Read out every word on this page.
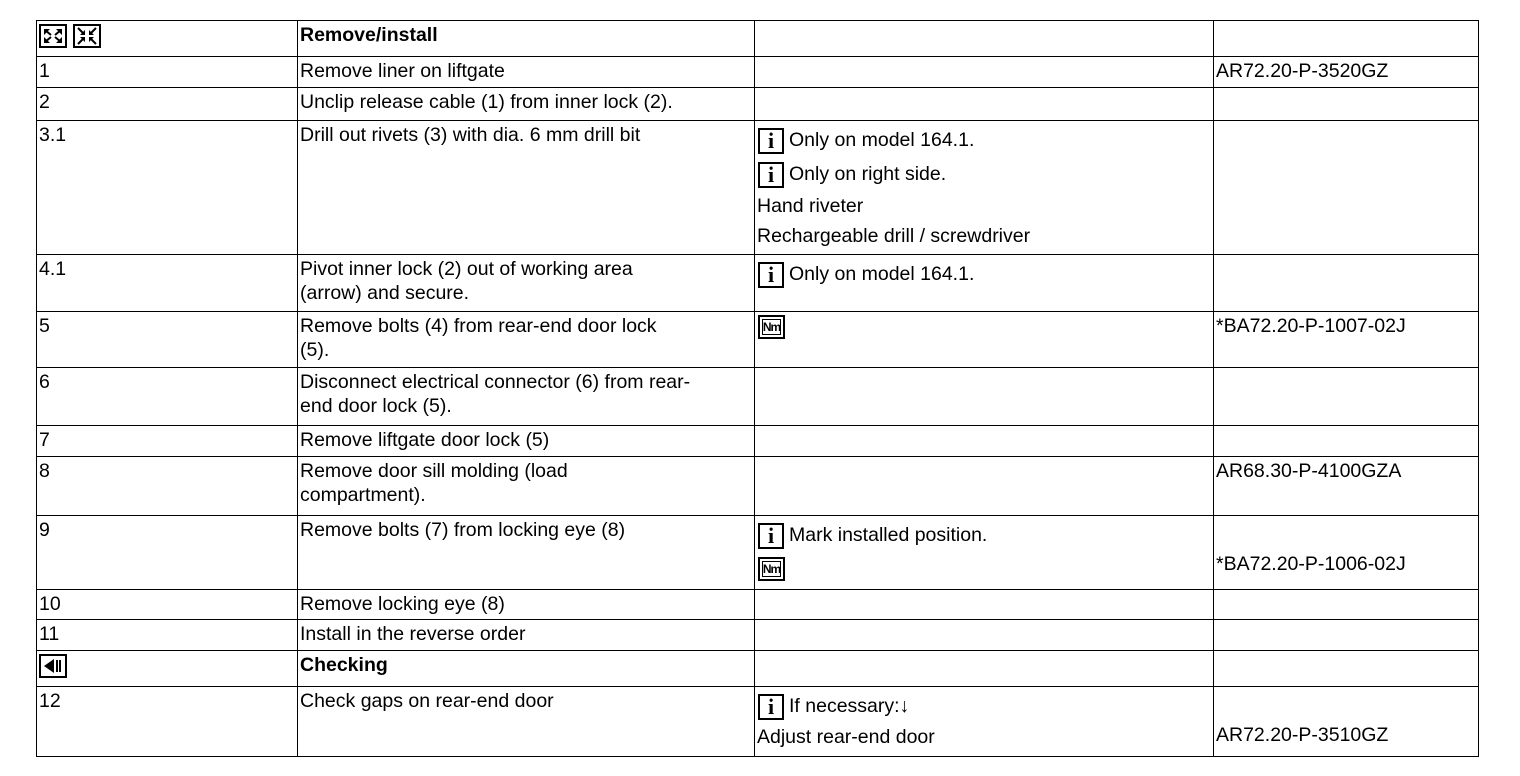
	Remove/install		
1	Remove liner on liftgate		AR72.20-P-3520GZ
2	Unclip release cable (1) from inner lock (2).		
3.1	Drill out rivets (3) with dia. 6 mm drill bit	i Only on model 164.1.
i Only on right side.
Hand riveter
Rechargeable drill / screwdriver	

4.1	Pivot inner lock (2) out of working area
(arrow) and secure.	i Only on model 164.1.	

5	Remove bolts (4) from rear-end door lock
(5).	Nm	*BA72.20-P-1007-02J
6	Disconnect electrical connector (6) from rear-
end door lock (5).		

7	Remove liftgate door lock (5)		
8	Remove door sill molding (load
compartment).		AR68.30-P-4100GZA
9	Remove bolts (7) from locking eye (8)	i Mark installed position.
Nm	*BA72.20-P-1006-02J

10	Remove locking eye (8)		
11	Install in the reverse order		

	Checking		
12	Check gaps on rear-end door	i If necessary:↓
Adjust rear-end door	AR72.20-P-3510GZ
